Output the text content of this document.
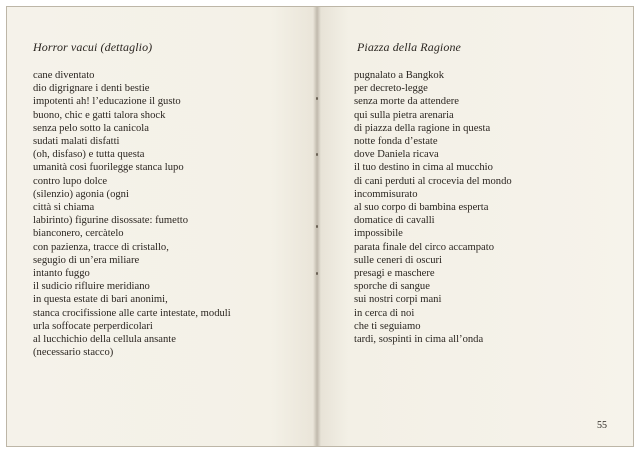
Horror vacui (dettaglio)
cane diventato
dio digrignare i denti bestie
impotenti ah! l’educazione il gusto
buono, chic e gatti talora shock
senza pelo sotto la canicola
sudati malati disfatti
(oh, disfaso) e tutta questa
umanità così fuorilegge stanca lupo
contro lupo dolce
(silenzio) agonia (ogni
città si chiama
labirinto) figurine disossate: fumetto
bianconero, cercàtelo
con pazienza, tracce di cristallo,
segugio di un’era miliare
intanto fuggo
il sudicio rifluire meridiano
in questa estate di bari anonimi,
stanca crocifissione alle carte intestate, moduli
urla soffocate perperdicolari
al lucchichio della cellula ansante
(necessario stacco)
Piazza della Ragione
pugnalato a Bangkok
per decreto-legge
senza morte da attendere
qui sulla pietra arenaria
di piazza della ragione in questa
notte fonda d’estate
dove Daniela ricava
il tuo destino in cima al mucchio
di cani perduti al crocevia del mondo
incommisurato
al suo corpo di bambina esperta
domatice di cavalli
impossibile
parata finale del circo accampato
sulle ceneri di oscuri
presagi e maschere
sporche di sangue
sui nostri corpi mani
in cerca di noi
che ti seguiamo
tardi, sospinti in cima all’onda
55
